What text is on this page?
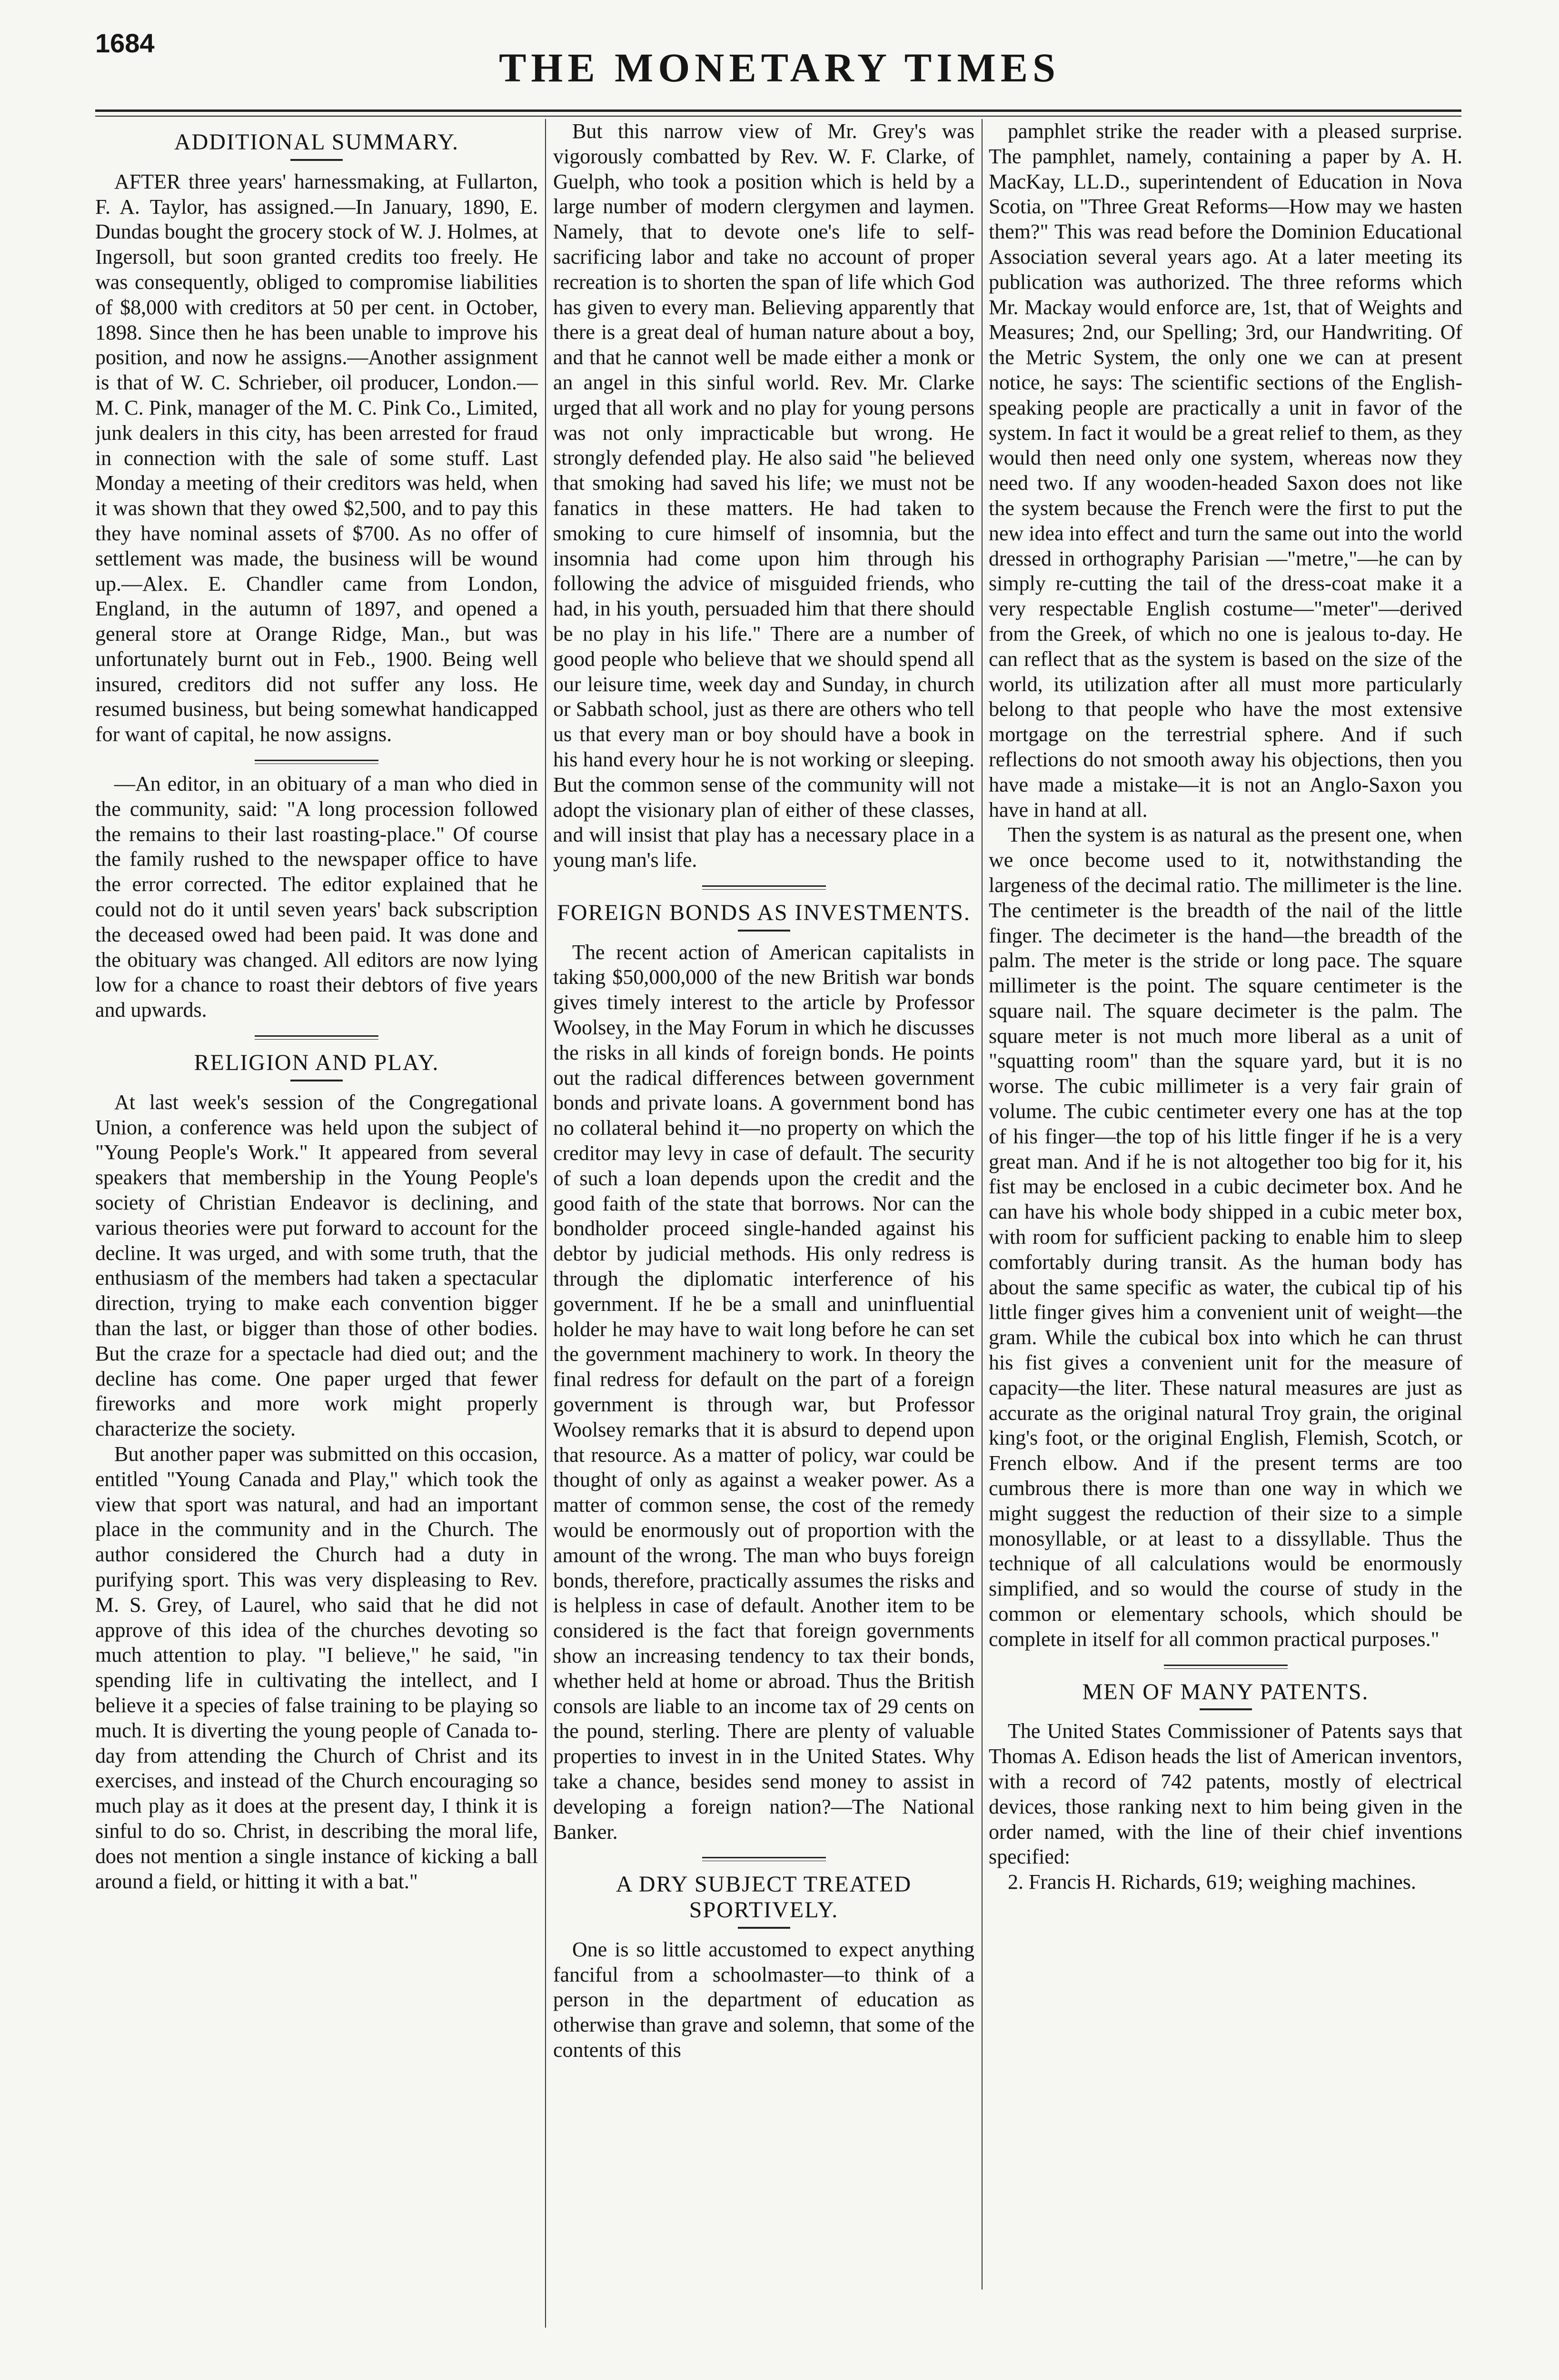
1684
THE MONETARY TIMES
ADDITIONAL SUMMARY.

AFTER three years' harnessmaking, at Fullarton, F. A. Taylor, has assigned.—In January, 1890, E. Dundas bought the grocery stock of W. J. Holmes, at Ingersoll, but soon granted credits too freely. He was consequently, obliged to compromise liabilities of $8,000 with creditors at 50 per cent. in October, 1898. Since then he has been unable to improve his position, and now he assigns.—Another assignment is that of W. C. Schrieber, oil producer, London.—M. C. Pink, manager of the M. C. Pink Co., Limited, junk dealers in this city, has been arrested for fraud in connection with the sale of some stuff. Last Monday a meeting of their creditors was held, when it was shown that they owed $2,500, and to pay this they have nominal assets of $700. As no offer of settlement was made, the business will be wound up.—Alex. E. Chandler came from London, England, in the autumn of 1897, and opened a general store at Orange Ridge, Man., but was unfortunately burnt out in Feb., 1900. Being well insured, creditors did not suffer any loss. He resumed business, but being somewhat handicapped for want of capital, he now assigns.

—An editor, in an obituary of a man who died in the community, said: "A long procession followed the remains to their last roasting-place." Of course the family rushed to the newspaper office to have the error corrected. The editor explained that he could not do it until seven years' back subscription the deceased owed had been paid. It was done and the obituary was changed. All editors are now lying low for a chance to roast their debtors of five years and upwards.

RELIGION AND PLAY.

At last week's session of the Congregational Union, a conference was held upon the subject of "Young People's Work." It appeared from several speakers that membership in the Young People's society of Christian Endeavor is declining, and various theories were put forward to account for the decline. It was urged, and with some truth, that the enthusiasm of the members had taken a spectacular direction, trying to make each convention bigger than the last, or bigger than those of other bodies. But the craze for a spectacle had died out; and the decline has come. One paper urged that fewer fireworks and more work might properly characterize the society.

But another paper was submitted on this occasion, entitled "Young Canada and Play," which took the view that sport was natural, and had an important place in the community and in the Church. The author considered the Church had a duty in purifying sport. This was very displeasing to Rev. M. S. Grey, of Laurel, who said that he did not approve of this idea of the churches devoting so much attention to play. "I believe," he said, "in spending life in cultivating the intellect, and I believe it a species of false training to be playing so much. It is diverting the young people of Canada to-day from attending the Church of Christ and its exercises, and instead of the Church encouraging so much play as it does at the present day, I think it is sinful to do so. Christ, in describing the moral life, does not mention a single instance of kicking a ball around a field, or hitting it with a bat."

But this narrow view of Mr. Grey's was vigorously combatted by Rev. W. F. Clarke, of Guelph, who took a position which is held by a large number of modern clergymen and laymen. Namely, that to devote one's life to self-sacrificing labor and take no account of proper recreation is to shorten the span of life which God has given to every man. Believing apparently that there is a great deal of human nature about a boy, and that he cannot well be made either a monk or an angel in this sinful world. Rev. Mr. Clarke urged that all work and no play for young persons was not only impracticable but wrong. He strongly defended play. He also said "he believed that smoking had saved his life; we must not be fanatics in these matters. He had taken to smoking to cure himself of insomnia, but the insomnia had come upon him through his following the advice of misguided friends, who had, in his youth, persuaded him that there should be no play in his life." There are a number of good people who believe that we should spend all our leisure time, week day and Sunday, in church or Sabbath school, just as there are others who tell us that every man or boy should have a book in his hand every hour he is not working or sleeping. But the common sense of the community will not adopt the visionary plan of either of these classes, and will insist that play has a necessary place in a young man's life.

FOREIGN BONDS AS INVESTMENTS.

The recent action of American capitalists in taking $50,000,000 of the new British war bonds gives timely interest to the article by Professor Woolsey, in the May Forum in which he discusses the risks in all kinds of foreign bonds. He points out the radical differences between government bonds and private loans. A government bond has no collateral behind it—no property on which the creditor may levy in case of default. The security of such a loan depends upon the credit and the good faith of the state that borrows. Nor can the bondholder proceed single-handed against his debtor by judicial methods. His only redress is through the diplomatic interference of his government. If he be a small and uninfluential holder he may have to wait long before he can set the government machinery to work. In theory the final redress for default on the part of a foreign government is through war, but Professor Woolsey remarks that it is absurd to depend upon that resource. As a matter of policy, war could be thought of only as against a weaker power. As a matter of common sense, the cost of the remedy would be enormously out of proportion with the amount of the wrong. The man who buys foreign bonds, therefore, practically assumes the risks and is helpless in case of default. Another item to be considered is the fact that foreign governments show an increasing tendency to tax their bonds, whether held at home or abroad. Thus the British consols are liable to an income tax of 29 cents on the pound, sterling. There are plenty of valuable properties to invest in in the United States. Why take a chance, besides send money to assist in developing a foreign nation?—The National Banker.

A DRY SUBJECT TREATED SPORTIVELY.

One is so little accustomed to expect anything fanciful from a schoolmaster—to think of a person in the department of education as otherwise than grave and solemn, that some of the contents of this

pamphlet strike the reader with a pleased surprise. The pamphlet, namely, containing a paper by A. H. MacKay, LL.D., superintendent of Education in Nova Scotia, on "Three Great Reforms—How may we hasten them?" This was read before the Dominion Educational Association several years ago. At a later meeting its publication was authorized. The three reforms which Mr. Mackay would enforce are, 1st, that of Weights and Measures; 2nd, our Spelling; 3rd, our Handwriting. Of the Metric System, the only one we can at present notice, he says: The scientific sections of the English-speaking people are practically a unit in favor of the system. In fact it would be a great relief to them, as they would then need only one system, whereas now they need two. If any wooden-headed Saxon does not like the system because the French were the first to put the new idea into effect and turn the same out into the world dressed in orthography Parisian —"metre,"—he can by simply re-cutting the tail of the dress-coat make it a very respectable English costume—"meter"—derived from the Greek, of which no one is jealous to-day. He can reflect that as the system is based on the size of the world, its utilization after all must more particularly belong to that people who have the most extensive mortgage on the terrestrial sphere. And if such reflections do not smooth away his objections, then you have made a mistake—it is not an Anglo-Saxon you have in hand at all.

Then the system is as natural as the present one, when we once become used to it, notwithstanding the largeness of the decimal ratio. The millimeter is the line. The centimeter is the breadth of the nail of the little finger. The decimeter is the hand—the breadth of the palm. The meter is the stride or long pace. The square millimeter is the point. The square centimeter is the square nail. The square decimeter is the palm. The square meter is not much more liberal as a unit of "squatting room" than the square yard, but it is no worse. The cubic millimeter is a very fair grain of volume. The cubic centimeter every one has at the top of his finger—the top of his little finger if he is a very great man. And if he is not altogether too big for it, his fist may be enclosed in a cubic decimeter box. And he can have his whole body shipped in a cubic meter box, with room for sufficient packing to enable him to sleep comfortably during transit. As the human body has about the same specific as water, the cubical tip of his little finger gives him a convenient unit of weight—the gram. While the cubical box into which he can thrust his fist gives a convenient unit for the measure of capacity—the liter. These natural measures are just as accurate as the original natural Troy grain, the original king's foot, or the original English, Flemish, Scotch, or French elbow. And if the present terms are too cumbrous there is more than one way in which we might suggest the reduction of their size to a simple monosyllable, or at least to a dissyllable. Thus the technique of all calculations would be enormously simplified, and so would the course of study in the common or elementary schools, which should be complete in itself for all common practical purposes."

MEN OF MANY PATENTS.

The United States Commissioner of Patents says that Thomas A. Edison heads the list of American inventors, with a record of 742 patents, mostly of electrical devices, those ranking next to him being given in the order named, with the line of their chief inventions specified:

2. Francis H. Richards, 619; weighing machines.
